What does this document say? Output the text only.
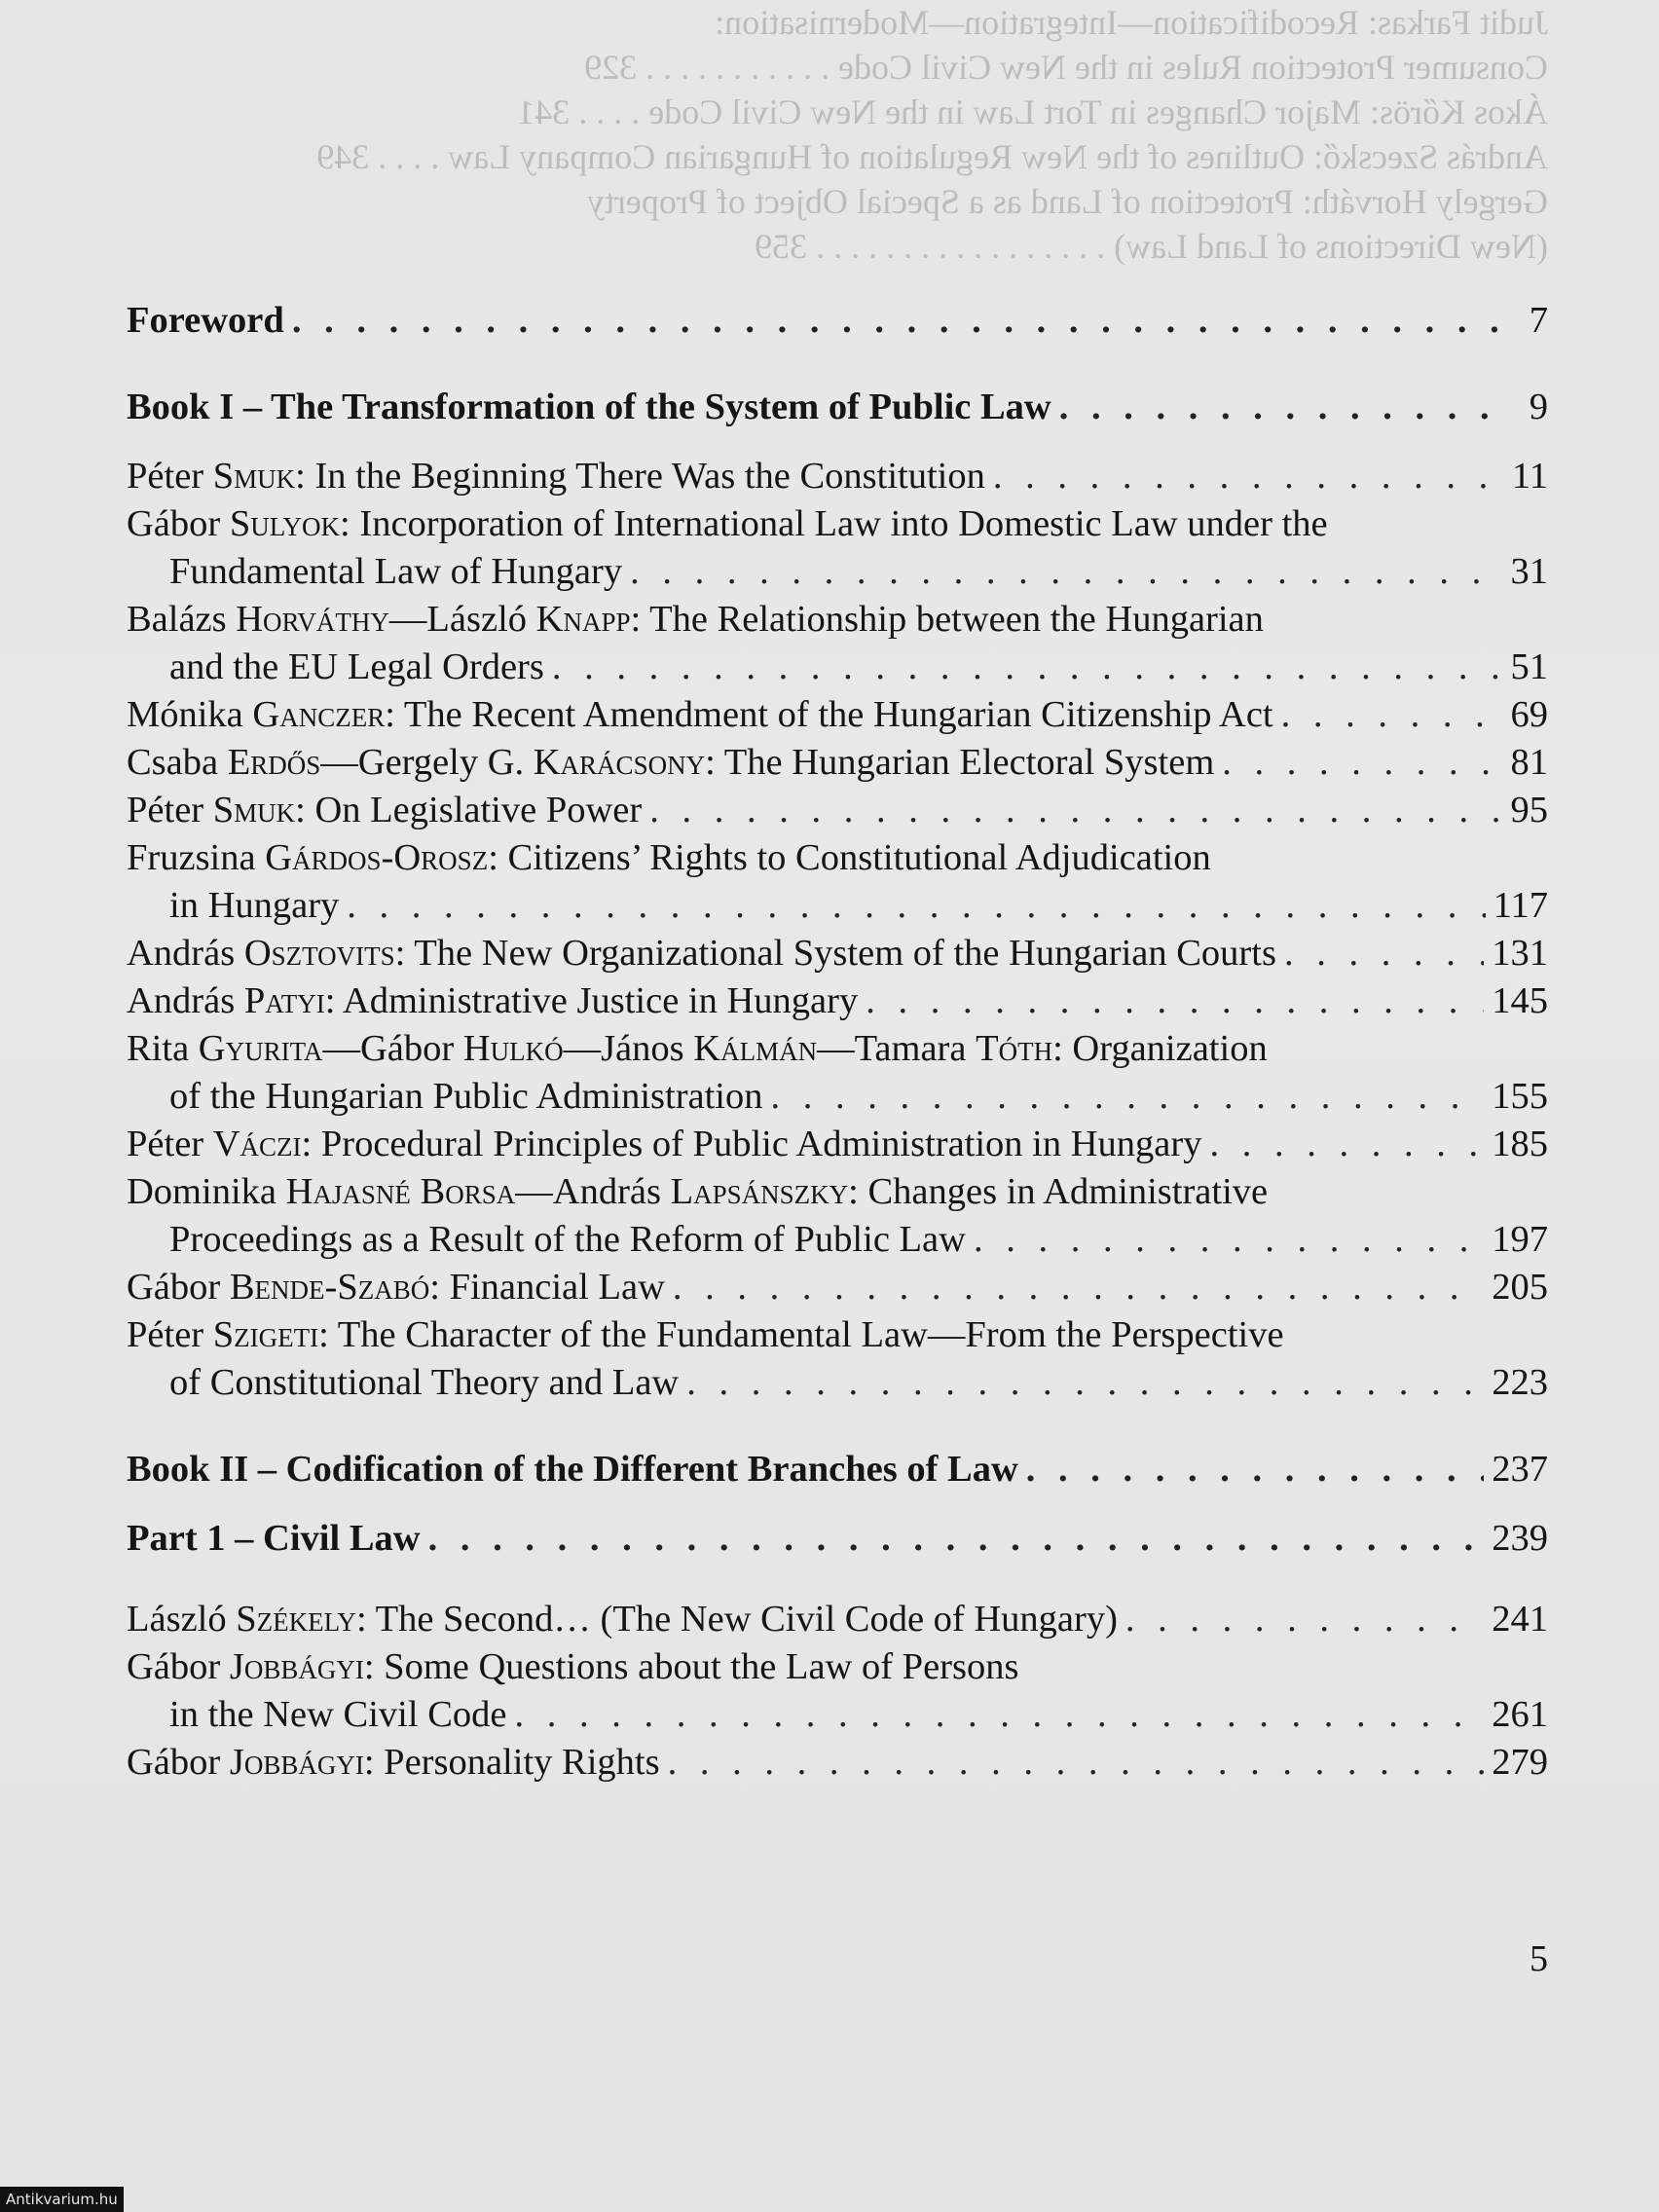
Judit Farkas: Recodification—Integration—Modernisation:
Consumer Protection Rules in the New Civil Code . . . . . . . . . . . 329
Ákos Kőrös: Major Changes in Tort Law in the New Civil Code . . . . 341
András Szecskő: Outlines of the New Regulation of Hungarian Company Law . . . . 349
Gergely Horváth: Protection of Land as a Special Object of Property
(New Directions of Land Law) . . . . . . . . . . . . . . . . . 359
Foreword . . .	7
Book I – The Transformation of the System of Public Law . . .	9
Péter Smuk: In the Beginning There Was the Constitution . . .	11
Gábor Sulyok: Incorporation of International Law into Domestic Law under the
Fundamental Law of Hungary . . .	31
Balázs Horváthy—László Knapp: The Relationship between the Hungarian
and the EU Legal Orders . . .	51
Mónika Ganczer: The Recent Amendment of the Hungarian Citizenship Act . . .	69
Csaba Erdős—Gergely G. Karácsony: The Hungarian Electoral System . . .	81
Péter Smuk: On Legislative Power . . .	95
Fruzsina Gárdos-Orosz: Citizens’ Rights to Constitutional Adjudication
in Hungary . . .	117
András Osztovits: The New Organizational System of the Hungarian Courts . . .	131
András Patyi: Administrative Justice in Hungary . . .	145
Rita Gyurita—Gábor Hulkó—János Kálmán—Tamara Tóth: Organization
of the Hungarian Public Administration . . .	155
Péter Váczi: Procedural Principles of Public Administration in Hungary . . .	185
Dominika Hajasné Borsa—András Lapsánszky: Changes in Administrative
Proceedings as a Result of the Reform of Public Law . . .	197
Gábor Bende-Szabó: Financial Law . . .	205
Péter Szigeti: The Character of the Fundamental Law—From the Perspective
of Constitutional Theory and Law . . .	223
Book II – Codification of the Different Branches of Law . . .	237
Part 1 – Civil Law . . .	239
László Székely: The Second… (The New Civil Code of Hungary) . . .	241
Gábor Jobbágyi: Some Questions about the Law of Persons
in the New Civil Code . . .	261
Gábor Jobbágyi: Personality Rights . . .	279
5
Antikvarium.hu
